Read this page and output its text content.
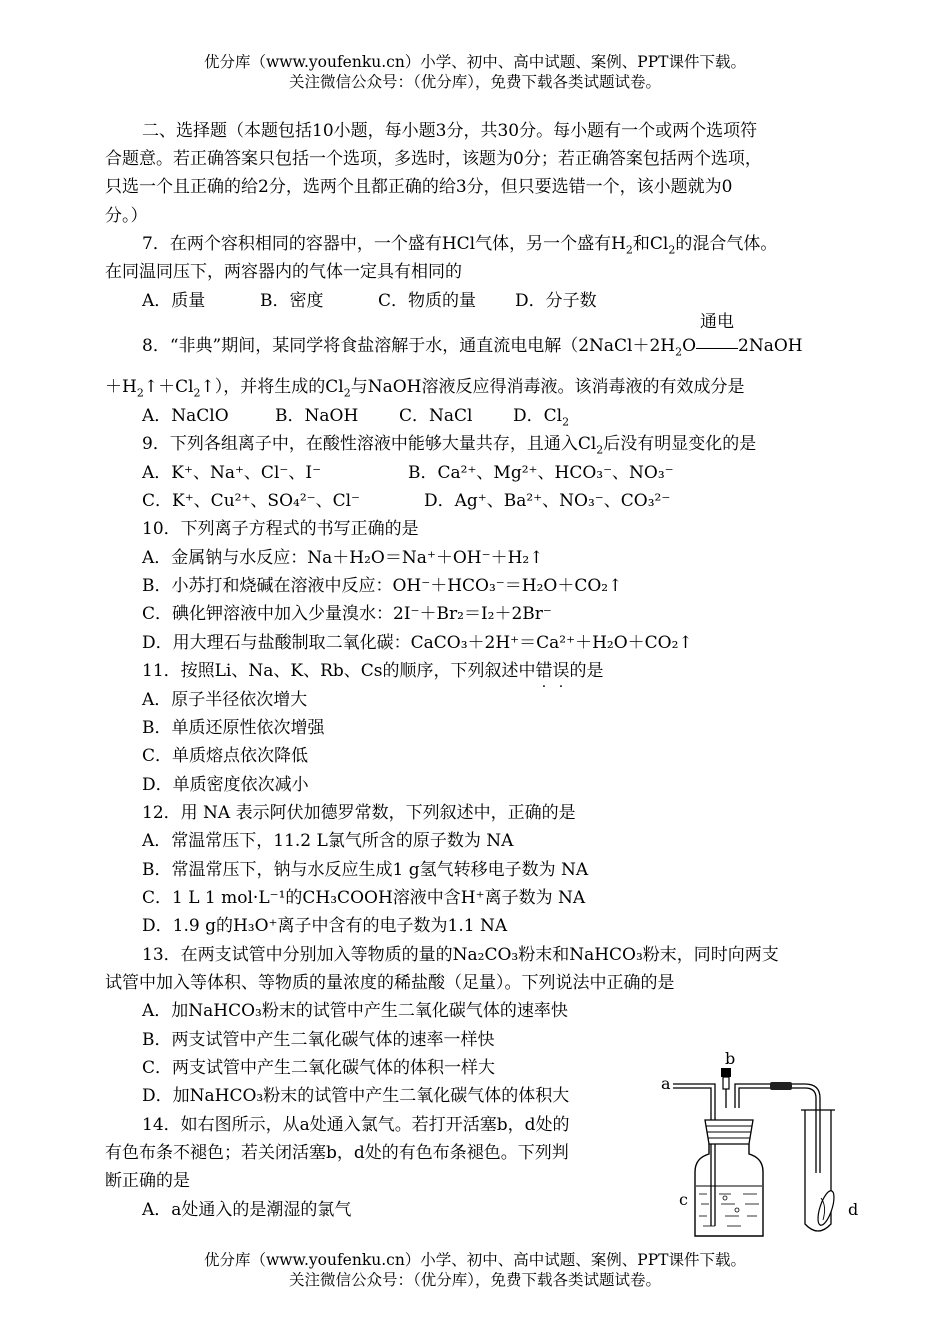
优分库（www.youfenku.cn）小学、初中、高中试题、案例、PPT课件下载。
关注微信公众号：（优分库），免费下载各类试题试卷。
二、选择题（本题包括10小题，每小题3分，共30分。每小题有一个或两个选项符
合题意。若正确答案只包括一个选项，多选时，该题为0分；若正确答案包括两个选项，
只选一个且正确的给2分，选两个且都正确的给3分，但只要选错一个，该小题就为0
分。）
7．在两个容积相同的容器中，一个盛有HCl气体，另一个盛有$H_2$和$Cl_2$的混合气体。
在同温同压下，两容器内的气体一定具有相同的
A．质量	B．密度	C．物质的量 D．分子数
8．“非典”期间，某同学将食盐溶解于水，通直流电电解（$2NaCl+2H_2O$
通电
2NaOH
$+H_2↑+Cl_2↑$），并将生成的$Cl_2$与NaOH溶液反应得消毒液。该消毒液的有效成分是
A．NaClO	B．NaOH C．NaCl D．$Cl_2$
9．下列各组离子中，在酸性溶液中能够大量共存，且通入$Cl_2$后没有明显变化的是
A．K⁺、Na⁺、Cl⁻、I⁻	B．Ca²⁺、Mg²⁺、HCO₃⁻、NO₃⁻
C．K⁺、Cu²⁺、SO₄²⁻、Cl⁻	D．Ag⁺、Ba²⁺、NO₃⁻、CO₃²⁻
10．下列离子方程式的书写正确的是
A．金属钠与水反应：Na＋H₂O＝Na⁺＋OH⁻＋H₂↑
B．小苏打和烧碱在溶液中反应：OH⁻＋HCO₃⁻＝H₂O＋CO₂↑
C．碘化钾溶液中加入少量溴水：2I⁻＋Br₂＝I₂＋2Br⁻
D．用大理石与盐酸制取二氧化碳：CaCO₃＋2H⁺＝Ca²⁺＋H₂O＋CO₂↑
11．按照Li、Na、K、Rb、Cs的顺序，下列叙述中错误的是
A．原子半径依次增大
B．单质还原性依次增强
C．单质熔点依次降低
D．单质密度依次减小
12．用 NA 表示阿伏加德罗常数，下列叙述中，正确的是
A．常温常压下，11.2 L氯气所含的原子数为 NA
B．常温常压下，钠与水反应生成1 g氢气转移电子数为 NA
C．1 L 1 mol·L⁻¹的CH₃COOH溶液中含H⁺离子数为 NA
D．1.9 g的H₃O⁺离子中含有的电子数为1.1 NA
13．在两支试管中分别加入等物质的量的Na₂CO₃粉末和NaHCO₃粉末，同时向两支
试管中加入等体积、等物质的量浓度的稀盐酸（足量）。下列说法中正确的是
A．加NaHCO₃粉末的试管中产生二氧化碳气体的速率快
B．两支试管中产生二氧化碳气体的速率一样快
C．两支试管中产生二氧化碳气体的体积一样大
D．加NaHCO₃粉末的试管中产生二氧化碳气体的体积大
14．如右图所示，从a处通入氯气。若打开活塞b，d处的
有色布条不褪色；若关闭活塞b，d处的有色布条褪色。下列判
断正确的是
A．a处通入的是潮湿的氯气
b
a
c
d
优分库（www.youfenku.cn）小学、初中、高中试题、案例、PPT课件下载。
关注微信公众号：（优分库），免费下载各类试题试卷。
